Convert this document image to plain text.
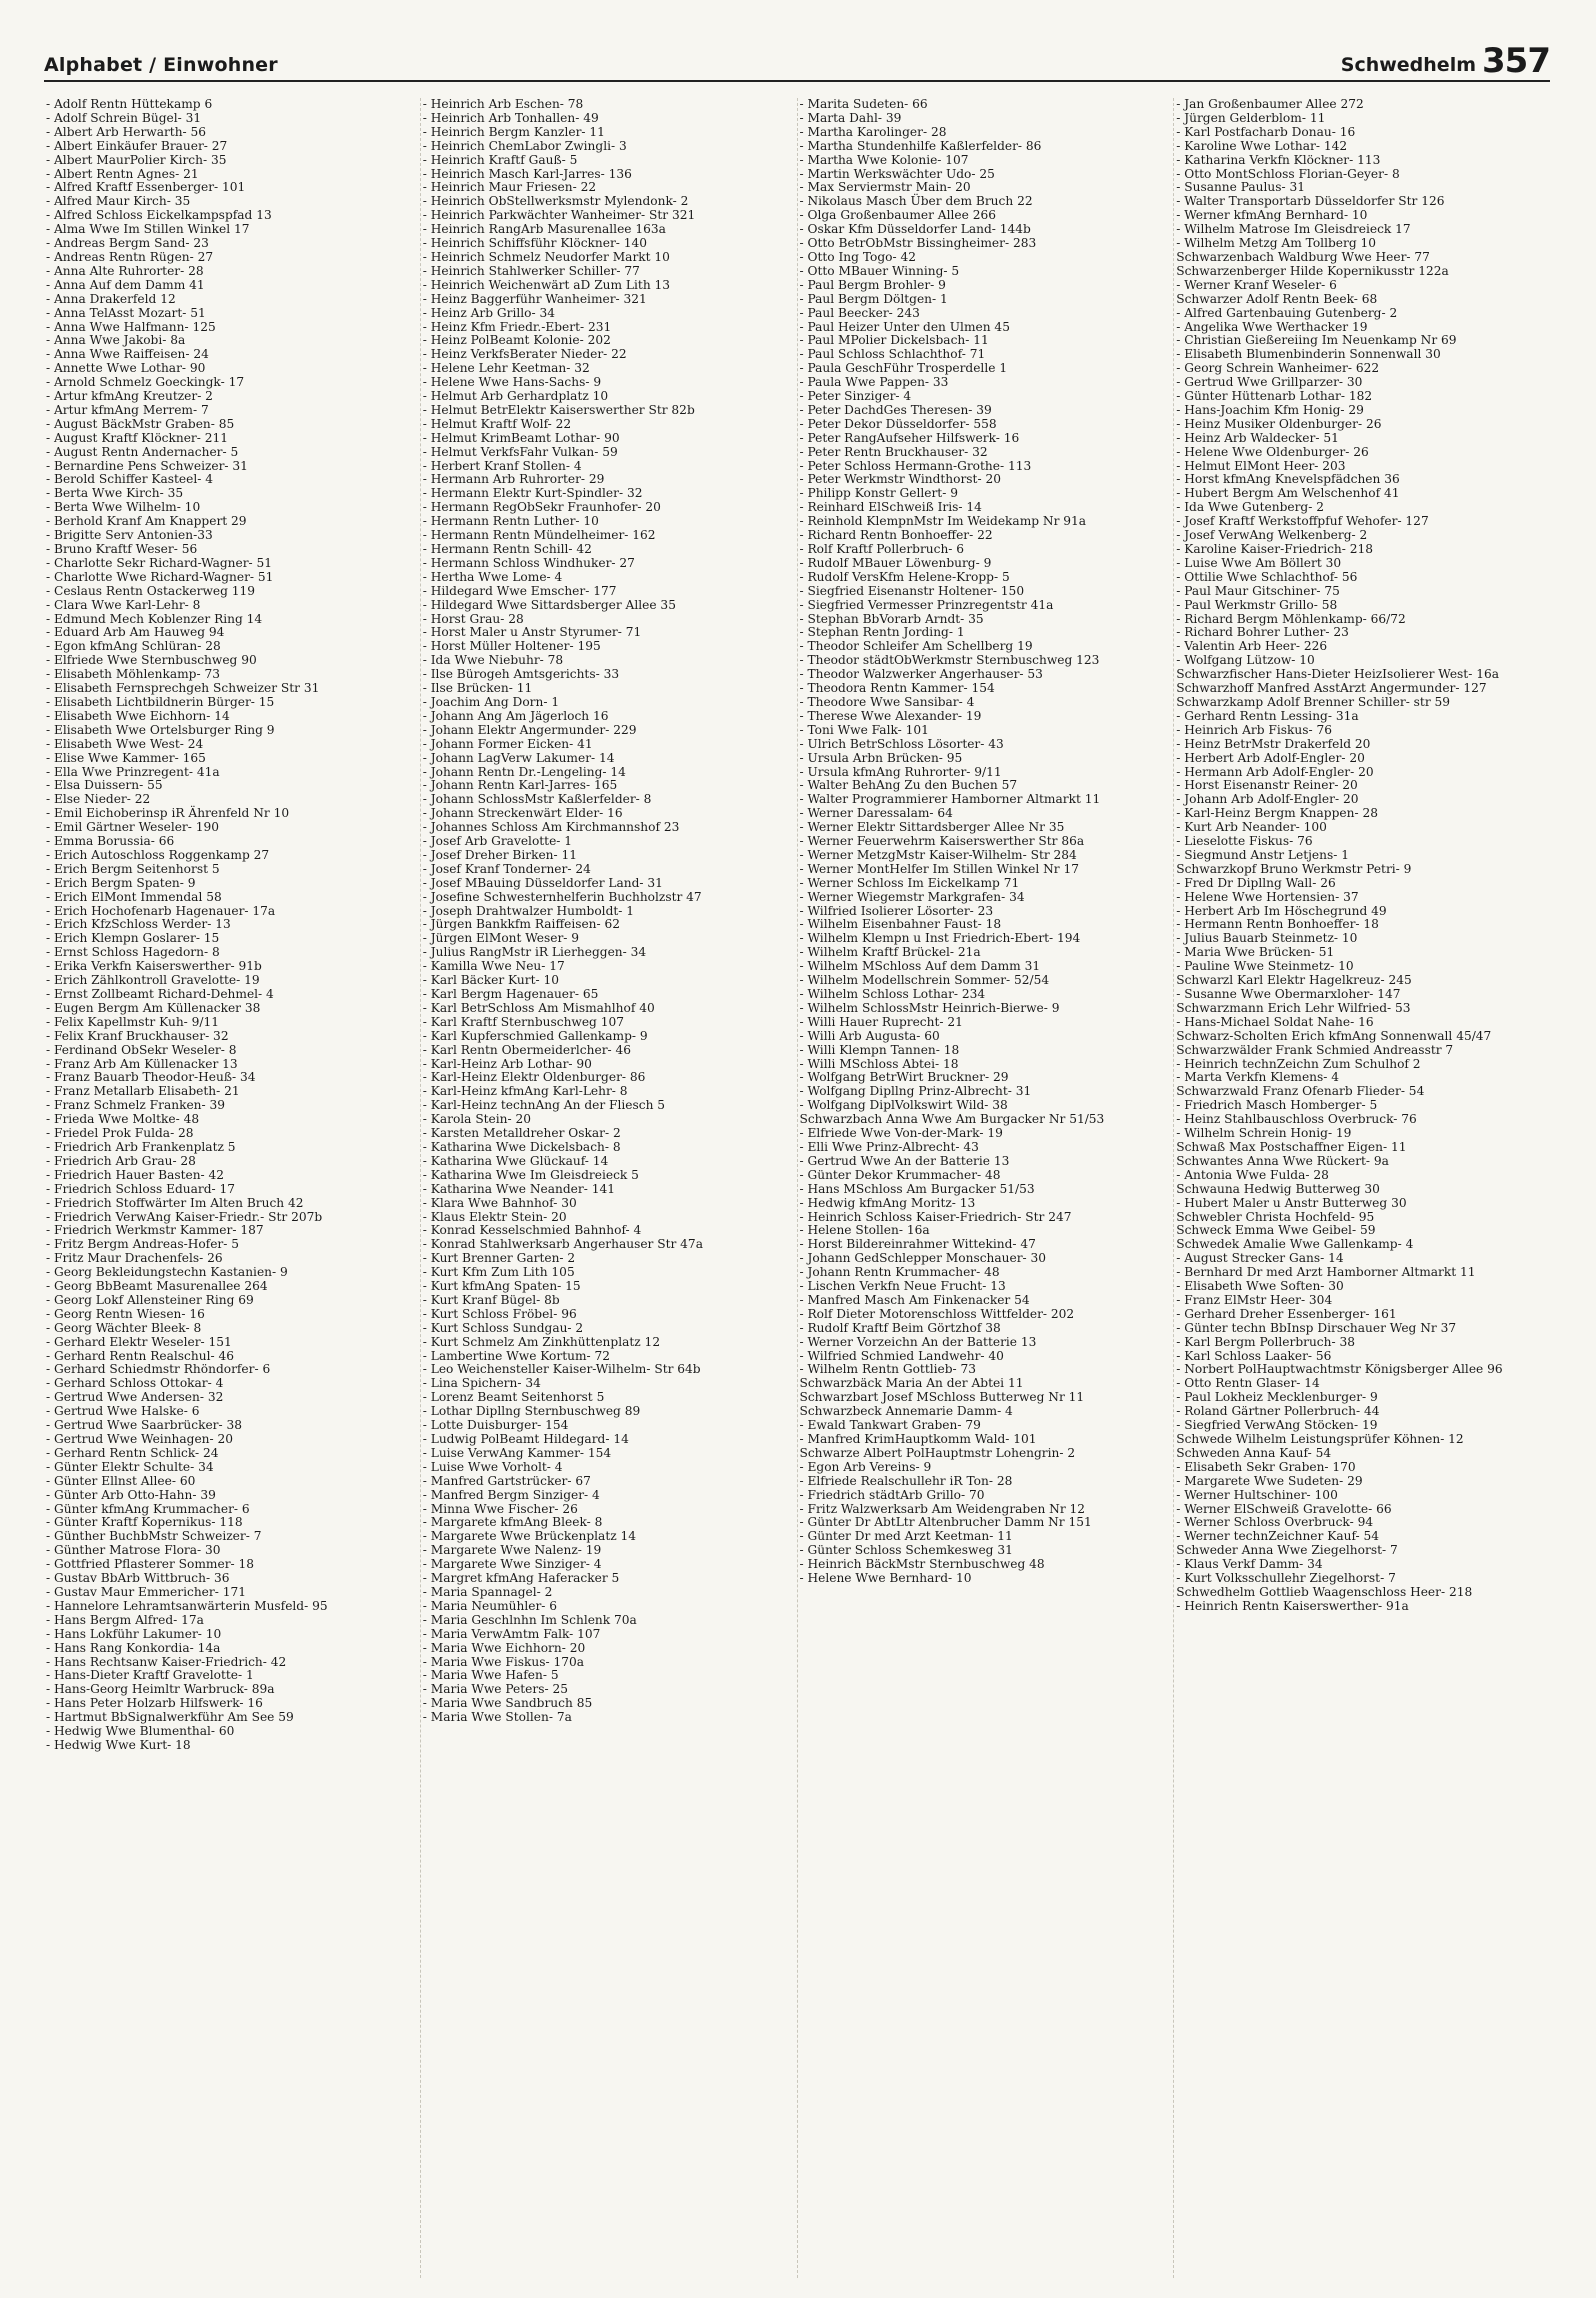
Alphabet / Einwohner	Schwedhelm 357
- Adolf Rentn Hüttekamp 6
- Adolf Schrein Bügel- 31
- Albert Arb Herwarth- 56
- Albert Einkäufer Brauer- 27
- Albert MaurPolier Kirch- 35
- Albert Rentn Agnes- 21
- Alfred Kraftf Essenberger- 101
- Alfred Maur Kirch- 35
- Alfred Schloss Eickelkampspfad 13
- Alma Wwe Im Stillen Winkel 17
- Andreas Bergm Sand- 23
- Andreas Rentn Rügen- 27
- Anna Alte Ruhrorter- 28
- Anna Auf dem Damm 41
- Anna Drakerfeld 12
- Anna TelAsst Mozart- 51
- Anna Wwe Halfmann- 125
- Anna Wwe Jakobi- 8a
- Anna Wwe Raiffeisen- 24
- Annette Wwe Lothar- 90
- Arnold Schmelz Goeckingk- 17
- Artur kfmAng Kreutzer- 2
- Artur kfmAng Merrem- 7
- August BäckMstr Graben- 85
- August Kraftf Klöckner- 211
- August Rentn Andernacher- 5
- Bernardine Pens Schweizer- 31
- Berold Schiffer Kasteel- 4
- Berta Wwe Kirch- 35
- Berta Wwe Wilhelm- 10
- Berhold Kranf Am Knappert 29
- Brigitte Serv Antonien-33
- Bruno Kraftf Weser- 56
- Charlotte Sekr Richard-Wagner- 51
- Charlotte Wwe Richard-Wagner- 51
- Ceslaus Rentn Ostackerweg 119
- Clara Wwe Karl-Lehr- 8
- Edmund Mech Koblenzer Ring 14
- Eduard Arb Am Hauweg 94
- Egon kfmAng Schlüran- 28
- Elfriede Wwe Sternbuschweg 90
- Elisabeth Möhlenkamp- 73
- Elisabeth Fernsprechgeh Schweizer Str 31
- Elisabeth Lichtbildnerin Bürger- 15
- Elisabeth Wwe Eichhorn- 14
- Elisabeth Wwe Ortelsburger Ring 9
- Elisabeth Wwe West- 24
- Elise Wwe Kammer- 165
- Ella Wwe Prinzregent- 41a
- Elsa Duissern- 55
- Else Nieder- 22
- Emil Eichoberinsp iR Ährenfeld Nr 10
- Emil Gärtner Weseler- 190
- Emma Borussia- 66
- Erich Autoschloss Roggenkamp 27
- Erich Bergm Seitenhorst 5
- Erich Bergm Spaten- 9
- Erich ElMont Immendal 58
- Erich Hochofenarb Hagenauer- 17a
- Erich KfzSchloss Werder- 13
- Erich Klempn Goslarer- 15
- Ernst Schloss Hagedorn- 8
- Erika Verkfn Kaiserswerther- 91b
- Erich Zählkontroll Gravelotte- 19
- Ernst Zollbeamt Richard-Dehmel- 4
- Eugen Bergm Am Küllenacker 38
- Felix Kapellmstr Kuh- 9/11
- Felix Kranf Bruckhauser- 32
- Ferdinand ObSekr Weseler- 8
- Franz Arb Am Küllenacker 13
- Franz Bauarb Theodor-Heuß- 34
- Franz Metallarb Elisabeth- 21
- Franz Schmelz Franken- 39
- Frieda Wwe Moltke- 48
- Friedel Prok Fulda- 28
- Friedrich Arb Frankenplatz 5
- Friedrich Arb Grau- 28
- Friedrich Hauer Basten- 42
- Friedrich Schloss Eduard- 17
- Friedrich Stoffwärter Im Alten Bruch 42
- Friedrich VerwAng Kaiser-Friedr.- Str 207b
- Friedrich Werkmstr Kammer- 187
- Fritz Bergm Andreas-Hofer- 5
- Fritz Maur Drachenfels- 26
- Georg Bekleidungstechn Kastanien- 9
- Georg BbBeamt Masurenallee 264
- Georg Lokf Allensteiner Ring 69
- Georg Rentn Wiesen- 16
- Georg Wächter Bleek- 8
- Gerhard Elektr Weseler- 151
- Gerhard Rentn Realschul- 46
- Gerhard Schiedmstr Rhöndorfer- 6
- Gerhard Schloss Ottokar- 4
- Gertrud Wwe Andersen- 32
- Gertrud Wwe Halske- 6
- Gertrud Wwe Saarbrücker- 38
- Gertrud Wwe Weinhagen- 20
- Gerhard Rentn Schlick- 24
- Günter Elektr Schulte- 34
- Günter Ellnst Allee- 60
- Günter Arb Otto-Hahn- 39
- Günter kfmAng Krummacher- 6
- Günter Kraftf Kopernikus- 118
- Günther BuchbMstr Schweizer- 7
- Günther Matrose Flora- 30
- Gottfried Pflasterer Sommer- 18
- Gustav BbArb Wittbruch- 36
- Gustav Maur Emmericher- 171
- Hannelore Lehramtsanwärterin Musfeld- 95
- Hans Bergm Alfred- 17a
- Hans Lokführ Lakumer- 10
- Hans Rang Konkordia- 14a
- Hans Rechtsanw Kaiser-Friedrich- 42
- Hans-Dieter Kraftf Gravelotte- 1
- Hans-Georg Heimltr Warbruck- 89a
- Hans Peter Holzarb Hilfswerk- 16
- Hartmut BbSignalwerkführ Am See 59
- Hedwig Wwe Blumenthal- 60
- Hedwig Wwe Kurt- 18
- Heinrich Arb Eschen- 78
- Heinrich Arb Tonhallen- 49
- Heinrich Bergm Kanzler- 11
- Heinrich ChemLabor Zwingli- 3
- Heinrich Kraftf Gauß- 5
- Heinrich Masch Karl-Jarres- 136
- Heinrich Maur Friesen- 22
- Heinrich ObStellwerksmstr Mylendonk- 2
- Heinrich Parkwächter Wanheimer- Str 321
- Heinrich RangArb Masurenallee 163a
- Heinrich Schiffsführ Klöckner- 140
- Heinrich Schmelz Neudorfer Markt 10
- Heinrich Stahlwerker Schiller- 77
- Heinrich Weichenwärt aD Zum Lith 13
- Heinz Baggerführ Wanheimer- 321
- Heinz Arb Grillo- 34
- Heinz Kfm Friedr.-Ebert- 231
- Heinz PolBeamt Kolonie- 202
- Heinz VerkfsBerater Nieder- 22
- Helene Lehr Keetman- 32
- Helene Wwe Hans-Sachs- 9
- Helmut Arb Gerhardplatz 10
- Helmut BetrElektr Kaiserswerther Str 82b
- Helmut Kraftf Wolf- 22
- Helmut KrimBeamt Lothar- 90
- Helmut VerkfsFahr Vulkan- 59
- Herbert Kranf Stollen- 4
- Hermann Arb Ruhrorter- 29
- Hermann Elektr Kurt-Spindler- 32
- Hermann RegObSekr Fraunhofer- 20
- Hermann Rentn Luther- 10
- Hermann Rentn Mündelheimer- 162
- Hermann Rentn Schill- 42
- Hermann Schloss Windhuker- 27
- Hertha Wwe Lome- 4
- Hildegard Wwe Emscher- 177
- Hildegard Wwe Sittardsberger Allee 35
- Horst Grau- 28
- Horst Maler u Anstr Styrumer- 71
- Horst Müller Holtener- 195
- Ida Wwe Niebuhr- 78
- Ilse Bürogeh Amtsgerichts- 33
- Ilse Brücken- 11
- Joachim Ang Dorn- 1
- Johann Ang Am Jägerloch 16
- Johann Elektr Angermunder- 229
- Johann Former Eicken- 41
- Johann LagVerw Lakumer- 14
- Johann Rentn Dr.-Lengeling- 14
- Johann Rentn Karl-Jarres- 165
- Johann SchlossMstr Kaßlerfelder- 8
- Johann Streckenwärt Elder- 16
- Johannes Schloss Am Kirchmannshof 23
- Josef Arb Gravelotte- 1
- Josef Dreher Birken- 11
- Josef Kranf Tonderner- 24
- Josef MBauing Düsseldorfer Land- 31
- Josefine Schwesternhelferin Buchholzstr 47
- Joseph Drahtwalzer Humboldt- 1
- Jürgen Bankkfm Raiffeisen- 62
- Jürgen ElMont Weser- 9
- Julius RangMstr iR Lierheggen- 34
- Kamilla Wwe Neu- 17
- Karl Bäcker Kurt- 10
- Karl Bergm Hagenauer- 65
- Karl BetrSchloss Am Mismahlhof 40
- Karl Kraftf Sternbuschweg 107
- Karl Kupferschmied Gallenkamp- 9
- Karl Rentn Obermeiderlcher- 46
- Karl-Heinz Arb Lothar- 90
- Karl-Heinz Elektr Oldenburger- 86
- Karl-Heinz kfmAng Karl-Lehr- 8
- Karl-Heinz technAng An der Fliesch 5
- Karola Stein- 20
- Karsten Metalldreher Oskar- 2
- Katharina Wwe Dickelsbach- 8
- Katharina Wwe Glückauf- 14
- Katharina Wwe Im Gleisdreieck 5
- Katharina Wwe Neander- 141
- Klara Wwe Bahnhof- 30
- Klaus Elektr Stein- 20
- Konrad Kesselschmied Bahnhof- 4
- Konrad Stahlwerksarb Angerhauser Str 47a
- Kurt Brenner Garten- 2
- Kurt Kfm Zum Lith 105
- Kurt kfmAng Spaten- 15
- Kurt Kranf Bügel- 8b
- Kurt Schloss Fröbel- 96
- Kurt Schloss Sundgau- 2
- Kurt Schmelz Am Zinkhüttenplatz 12
- Lambertine Wwe Kortum- 72
- Leo Weichensteller Kaiser-Wilhelm- Str 64b
- Lina Spichern- 34
- Lorenz Beamt Seitenhorst 5
- Lothar Dipllng Sternbuschweg 89
- Lotte Duisburger- 154
- Ludwig PolBeamt Hildegard- 14
- Luise VerwAng Kammer- 154
- Luise Wwe Vorholt- 4
- Manfred Gartstrücker- 67
- Manfred Bergm Sinziger- 4
- Minna Wwe Fischer- 26
- Margarete kfmAng Bleek- 8
- Margarete Wwe Brückenplatz 14
- Margarete Wwe Nalenz- 19
- Margarete Wwe Sinziger- 4
- Margret kfmAng Haferacker 5
- Maria Spannagel- 2
- Maria Neumühler- 6
- Maria Geschlnhn Im Schlenk 70a
- Maria VerwAmtm Falk- 107
- Maria Wwe Eichhorn- 20
- Maria Wwe Fiskus- 170a
- Maria Wwe Hafen- 5
- Maria Wwe Peters- 25
- Maria Wwe Sandbruch 85
- Maria Wwe Stollen- 7a
- Marita Sudeten- 66
- Marta Dahl- 39
- Martha Karolinger- 28
- Martha Stundenhilfe Kaßlerfelder- 86
- Martha Wwe Kolonie- 107
- Martin Werkswächter Udo- 25
- Max Serviermstr Main- 20
- Nikolaus Masch Über dem Bruch 22
- Olga Großenbaumer Allee 266
- Oskar Kfm Düsseldorfer Land- 144b
- Otto BetrObMstr Bissingheimer- 283
- Otto Ing Togo- 42
- Otto MBauer Winning- 5
- Paul Bergm Brohler- 9
- Paul Bergm Döltgen- 1
- Paul Beecker- 243
- Paul Heizer Unter den Ulmen 45
- Paul MPolier Dickelsbach- 11
- Paul Schloss Schlachthof- 71
- Paula GeschFühr Trosperdelle 1
- Paula Wwe Pappen- 33
- Peter Sinziger- 4
- Peter DachdGes Theresen- 39
- Peter Dekor Düsseldorfer- 558
- Peter RangAufseher Hilfswerk- 16
- Peter Rentn Bruckhauser- 32
- Peter Schloss Hermann-Grothe- 113
- Peter Werkmstr Windthorst- 20
- Philipp Konstr Gellert- 9
- Reinhard ElSchweiß Iris- 14
- Reinhold KlempnMstr Im Weidekamp Nr 91a
- Richard Rentn Bonhoeffer- 22
- Rolf Kraftf Pollerbruch- 6
- Rudolf MBauer Löwenburg- 9
- Rudolf VersKfm Helene-Kropp- 5
- Siegfried Eisenanstr Holtener- 150
- Siegfried Vermesser Prinzregentstr 41a
- Stephan BbVorarb Arndt- 35
- Stephan Rentn Jording- 1
- Theodor Schleifer Am Schellberg 19
- Theodor städtObWerkmstr Sternbuschweg 123
- Theodor Walzwerker Angerhauser- 53
- Theodora Rentn Kammer- 154
- Theodore Wwe Sansibar- 4
- Therese Wwe Alexander- 19
- Toni Wwe Falk- 101
- Ulrich BetrSchloss Lösorter- 43
- Ursula Arbn Brücken- 95
- Ursula kfmAng Ruhrorter- 9/11
- Walter BehAng Zu den Buchen 57
- Walter Programmierer Hamborner Altmarkt 11
- Werner Daressalam- 64
- Werner Elektr Sittardsberger Allee Nr 35
- Werner Feuerwehrm Kaiserswerther Str 86a
- Werner MetzgMstr Kaiser-Wilhelm- Str 284
- Werner MontHelfer Im Stillen Winkel Nr 17
- Werner Schloss Im Eickelkamp 71
- Werner Wiegemstr Markgrafen- 34
- Wilfried Isolierer Lösorter- 23
- Wilhelm Eisenbahner Faust- 18
- Wilhelm Klempn u Inst Friedrich-Ebert- 194
- Wilhelm Kraftf Brückel- 21a
- Wilhelm MSchloss Auf dem Damm 31
- Wilhelm Modellschrein Sommer- 52/54
- Wilhelm Schloss Lothar- 234
- Wilhelm SchlossMstr Heinrich-Bierwe- 9
- Willi Hauer Ruprecht- 21
- Willi Arb Augusta- 60
- Willi Klempn Tannen- 18
- Willi MSchloss Abtei- 18
- Wolfgang BetrWirt Bruckner- 29
- Wolfgang Dipllng Prinz-Albrecht- 31
- Wolfgang DiplVolkswirt Wild- 38
Schwarzbach Anna Wwe Am Burgacker Nr 51/53
- Elfriede Wwe Von-der-Mark- 19
- Elli Wwe Prinz-Albrecht- 43
- Gertrud Wwe An der Batterie 13
- Günter Dekor Krummacher- 48
- Hans MSchloss Am Burgacker 51/53
- Hedwig kfmAng Moritz- 13
- Heinrich Schloss Kaiser-Friedrich- Str 247
- Helene Stollen- 16a
- Horst Bildereinrahmer Wittekind- 47
- Johann GedSchlepper Monschauer- 30
- Johann Rentn Krummacher- 48
- Lischen Verkfn Neue Frucht- 13
- Manfred Masch Am Finkenacker 54
- Rolf Dieter Motorenschloss Wittfelder- 202
- Rudolf Kraftf Beim Görtzhof 38
- Werner Vorzeichn An der Batterie 13
- Wilfried Schmied Landwehr- 40
- Wilhelm Rentn Gottlieb- 73
Schwarzbäck Maria An der Abtei 11
Schwarzbart Josef MSchloss Butterweg Nr 11
Schwarzbeck Annemarie Damm- 4
- Ewald Tankwart Graben- 79
- Manfred KrimHauptkomm Wald- 101
Schwarze Albert PolHauptmstr Lohengrin- 2
- Egon Arb Vereins- 9
- Elfriede Realschullehr iR Ton- 28
- Friedrich städtArb Grillo- 70
- Fritz Walzwerksarb Am Weidengraben Nr 12
- Günter Dr AbtLtr Altenbrucher Damm Nr 151
- Günter Dr med Arzt Keetman- 11
- Günter Schloss Schemkesweg 31
- Heinrich BäckMstr Sternbuschweg 48
- Helene Wwe Bernhard- 10
- Jan Großenbaumer Allee 272
- Jürgen Gelderblom- 11
- Karl Postfacharb Donau- 16
- Karoline Wwe Lothar- 142
- Katharina Verkfn Klöckner- 113
- Otto MontSchloss Florian-Geyer- 8
- Susanne Paulus- 31
- Walter Transportarb Düsseldorfer Str 126
- Werner kfmAng Bernhard- 10
- Wilhelm Matrose Im Gleisdreieck 17
- Wilhelm Metzg Am Tollberg 10
Schwarzenbach Waldburg Wwe Heer- 77
Schwarzenberger Hilde Kopernikusstr 122a
- Werner Kranf Weseler- 6
Schwarzer Adolf Rentn Beek- 68
- Alfred Gartenbauing Gutenberg- 2
- Angelika Wwe Werthacker 19
- Christian Gießereiing Im Neuenkamp Nr 69
- Elisabeth Blumenbinderin Sonnenwall 30
- Georg Schrein Wanheimer- 622
- Gertrud Wwe Grillparzer- 30
- Günter Hüttenarb Lothar- 182
- Hans-Joachim Kfm Honig- 29
- Heinz Musiker Oldenburger- 26
- Heinz Arb Waldecker- 51
- Helene Wwe Oldenburger- 26
- Helmut ElMont Heer- 203
- Horst kfmAng Knevelspfädchen 36
- Hubert Bergm Am Welschenhof 41
- Ida Wwe Gutenberg- 2
- Josef Kraftf Werkstoffpfuf Wehofer- 127
- Josef VerwAng Welkenberg- 2
- Karoline Kaiser-Friedrich- 218
- Luise Wwe Am Böllert 30
- Ottilie Wwe Schlachthof- 56
- Paul Maur Gitschiner- 75
- Paul Werkmstr Grillo- 58
- Richard Bergm Möhlenkamp- 66/72
- Richard Bohrer Luther- 23
- Valentin Arb Heer- 226
- Wolfgang Lützow- 10
Schwarzfischer Hans-Dieter HeizIsolierer West- 16a
Schwarzhoff Manfred AsstArzt Angermunder- 127
Schwarzkamp Adolf Brenner Schiller- str 59
- Gerhard Rentn Lessing- 31a
- Heinrich Arb Fiskus- 76
- Heinz BetrMstr Drakerfeld 20
- Herbert Arb Adolf-Engler- 20
- Hermann Arb Adolf-Engler- 20
- Horst Eisenanstr Reiner- 20
- Johann Arb Adolf-Engler- 20
- Karl-Heinz Bergm Knappen- 28
- Kurt Arb Neander- 100
- Lieselotte Fiskus- 76
- Siegmund Anstr Letjens- 1
Schwarzkopf Bruno Werkmstr Petri- 9
- Fred Dr Dipllng Wall- 26
- Helene Wwe Hortensien- 37
- Herbert Arb Im Höschegrund 49
- Hermann Rentn Bonhoeffer- 18
- Julius Bauarb Steinmetz- 10
- Maria Wwe Brücken- 51
- Pauline Wwe Steinmetz- 10
Schwarzl Karl Elektr Hagelkreuz- 245
- Susanne Wwe Obermarxloher- 147
Schwarzmann Erich Lehr Wilfried- 53
- Hans-Michael Soldat Nahe- 16
Schwarz-Scholten Erich kfmAng Sonnenwall 45/47
Schwarzwälder Frank Schmied Andreasstr 7
- Heinrich technZeichn Zum Schulhof 2
- Marta Verkfn Klemens- 4
Schwarzwald Franz Ofenarb Flieder- 54
- Friedrich Masch Homberger- 5
- Heinz Stahlbauschloss Overbruck- 76
- Wilhelm Schrein Honig- 19
Schwaß Max Postschaffner Eigen- 11
Schwantes Anna Wwe Rückert- 9a
- Antonia Wwe Fulda- 28
Schwauna Hedwig Butterweg 30
- Hubert Maler u Anstr Butterweg 30
Schwebler Christa Hochfeld- 95
Schweck Emma Wwe Geibel- 59
Schwedek Amalie Wwe Gallenkamp- 4
- August Strecker Gans- 14
- Bernhard Dr med Arzt Hamborner Altmarkt 11
- Elisabeth Wwe Soften- 30
- Franz ElMstr Heer- 304
- Gerhard Dreher Essenberger- 161
- Günter techn BbInsp Dirschauer Weg Nr 37
- Karl Bergm Pollerbruch- 38
- Karl Schloss Laaker- 56
- Norbert PolHauptwachtmstr Königsberger Allee 96
- Otto Rentn Glaser- 14
- Paul Lokheiz Mecklenburger- 9
- Roland Gärtner Pollerbruch- 44
- Siegfried VerwAng Stöcken- 19
Schwede Wilhelm Leistungsprüfer Köhnen- 12
Schweden Anna Kauf- 54
- Elisabeth Sekr Graben- 170
- Margarete Wwe Sudeten- 29
- Werner Hultschiner- 100
- Werner ElSchweiß Gravelotte- 66
- Werner Schloss Overbruck- 94
- Werner technZeichner Kauf- 54
Schweder Anna Wwe Ziegelhorst- 7
- Klaus Verkf Damm- 34
- Kurt Volksschullehr Ziegelhorst- 7
Schwedhelm Gottlieb Waagenschloss Heer- 218
- Heinrich Rentn Kaiserswerther- 91a
